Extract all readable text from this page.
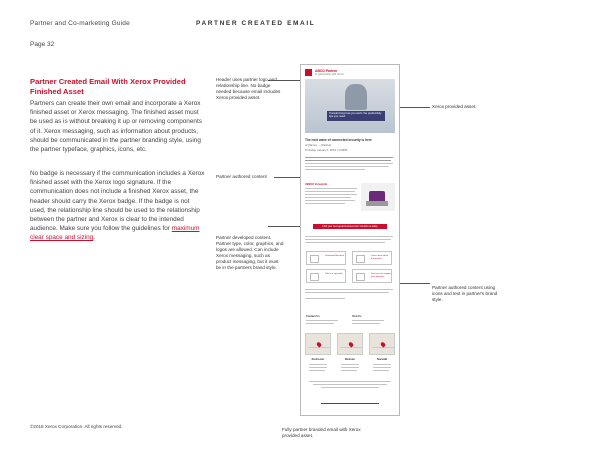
Partner and Co-marketing Guide	PARTNER CREATED EMAIL
Page 32
Partner Created Email With Xerox Provided
Finished Asset
Partners can create their own email and incorporate a Xerox finished asset or Xerox messaging. The finished asset must be used as is without breaking it up or removing components of it. Xerox messaging, such as information about products, should be communicated in the partner branding style, using the partner typeface, graphics, icons, etc.
No badge is necessary if the communication includes a Xerox finished asset with the Xerox logo signature. If the communication does not include a finished Xerox asset, the header should carry the Xerox badge. If the badge is not used, the relationship line should be used to the relationship between the partner and Xerox is clear to the intended audience. Make sure you follow the guidelines for maximum clear space and sizing.
Header uses partner logo and relationship line. No badge needed because email includes Xerox provided asset.
Xerox provided asset.
Partner authored content
Partner developed content. Partner type, color, graphics, and logos are allowed. Can include Xerox messaging, such as product messaging, but it must be in the partners brand style.
Partner authored content using icons and text in partner's brand style.
ABCD Partner
In partnership with Xerox
Transforming how you work: the productivity tips you need.
The next wave of connected security is here
Hi [Name], — [Partner]
Thursday, January 1, 20XX | 4:00PM
XEROX VersaLink
Find your next great business tool. Contact us today
Download Brochure	Learn more about this partner
Talk to a specialist	See how we support your business
Contact Us	Visit Us
Rochester	Webster	Norwalk
©2018 Xerox Corporation. All rights reserved.
Fully partner branded email with Xerox provided asset.
